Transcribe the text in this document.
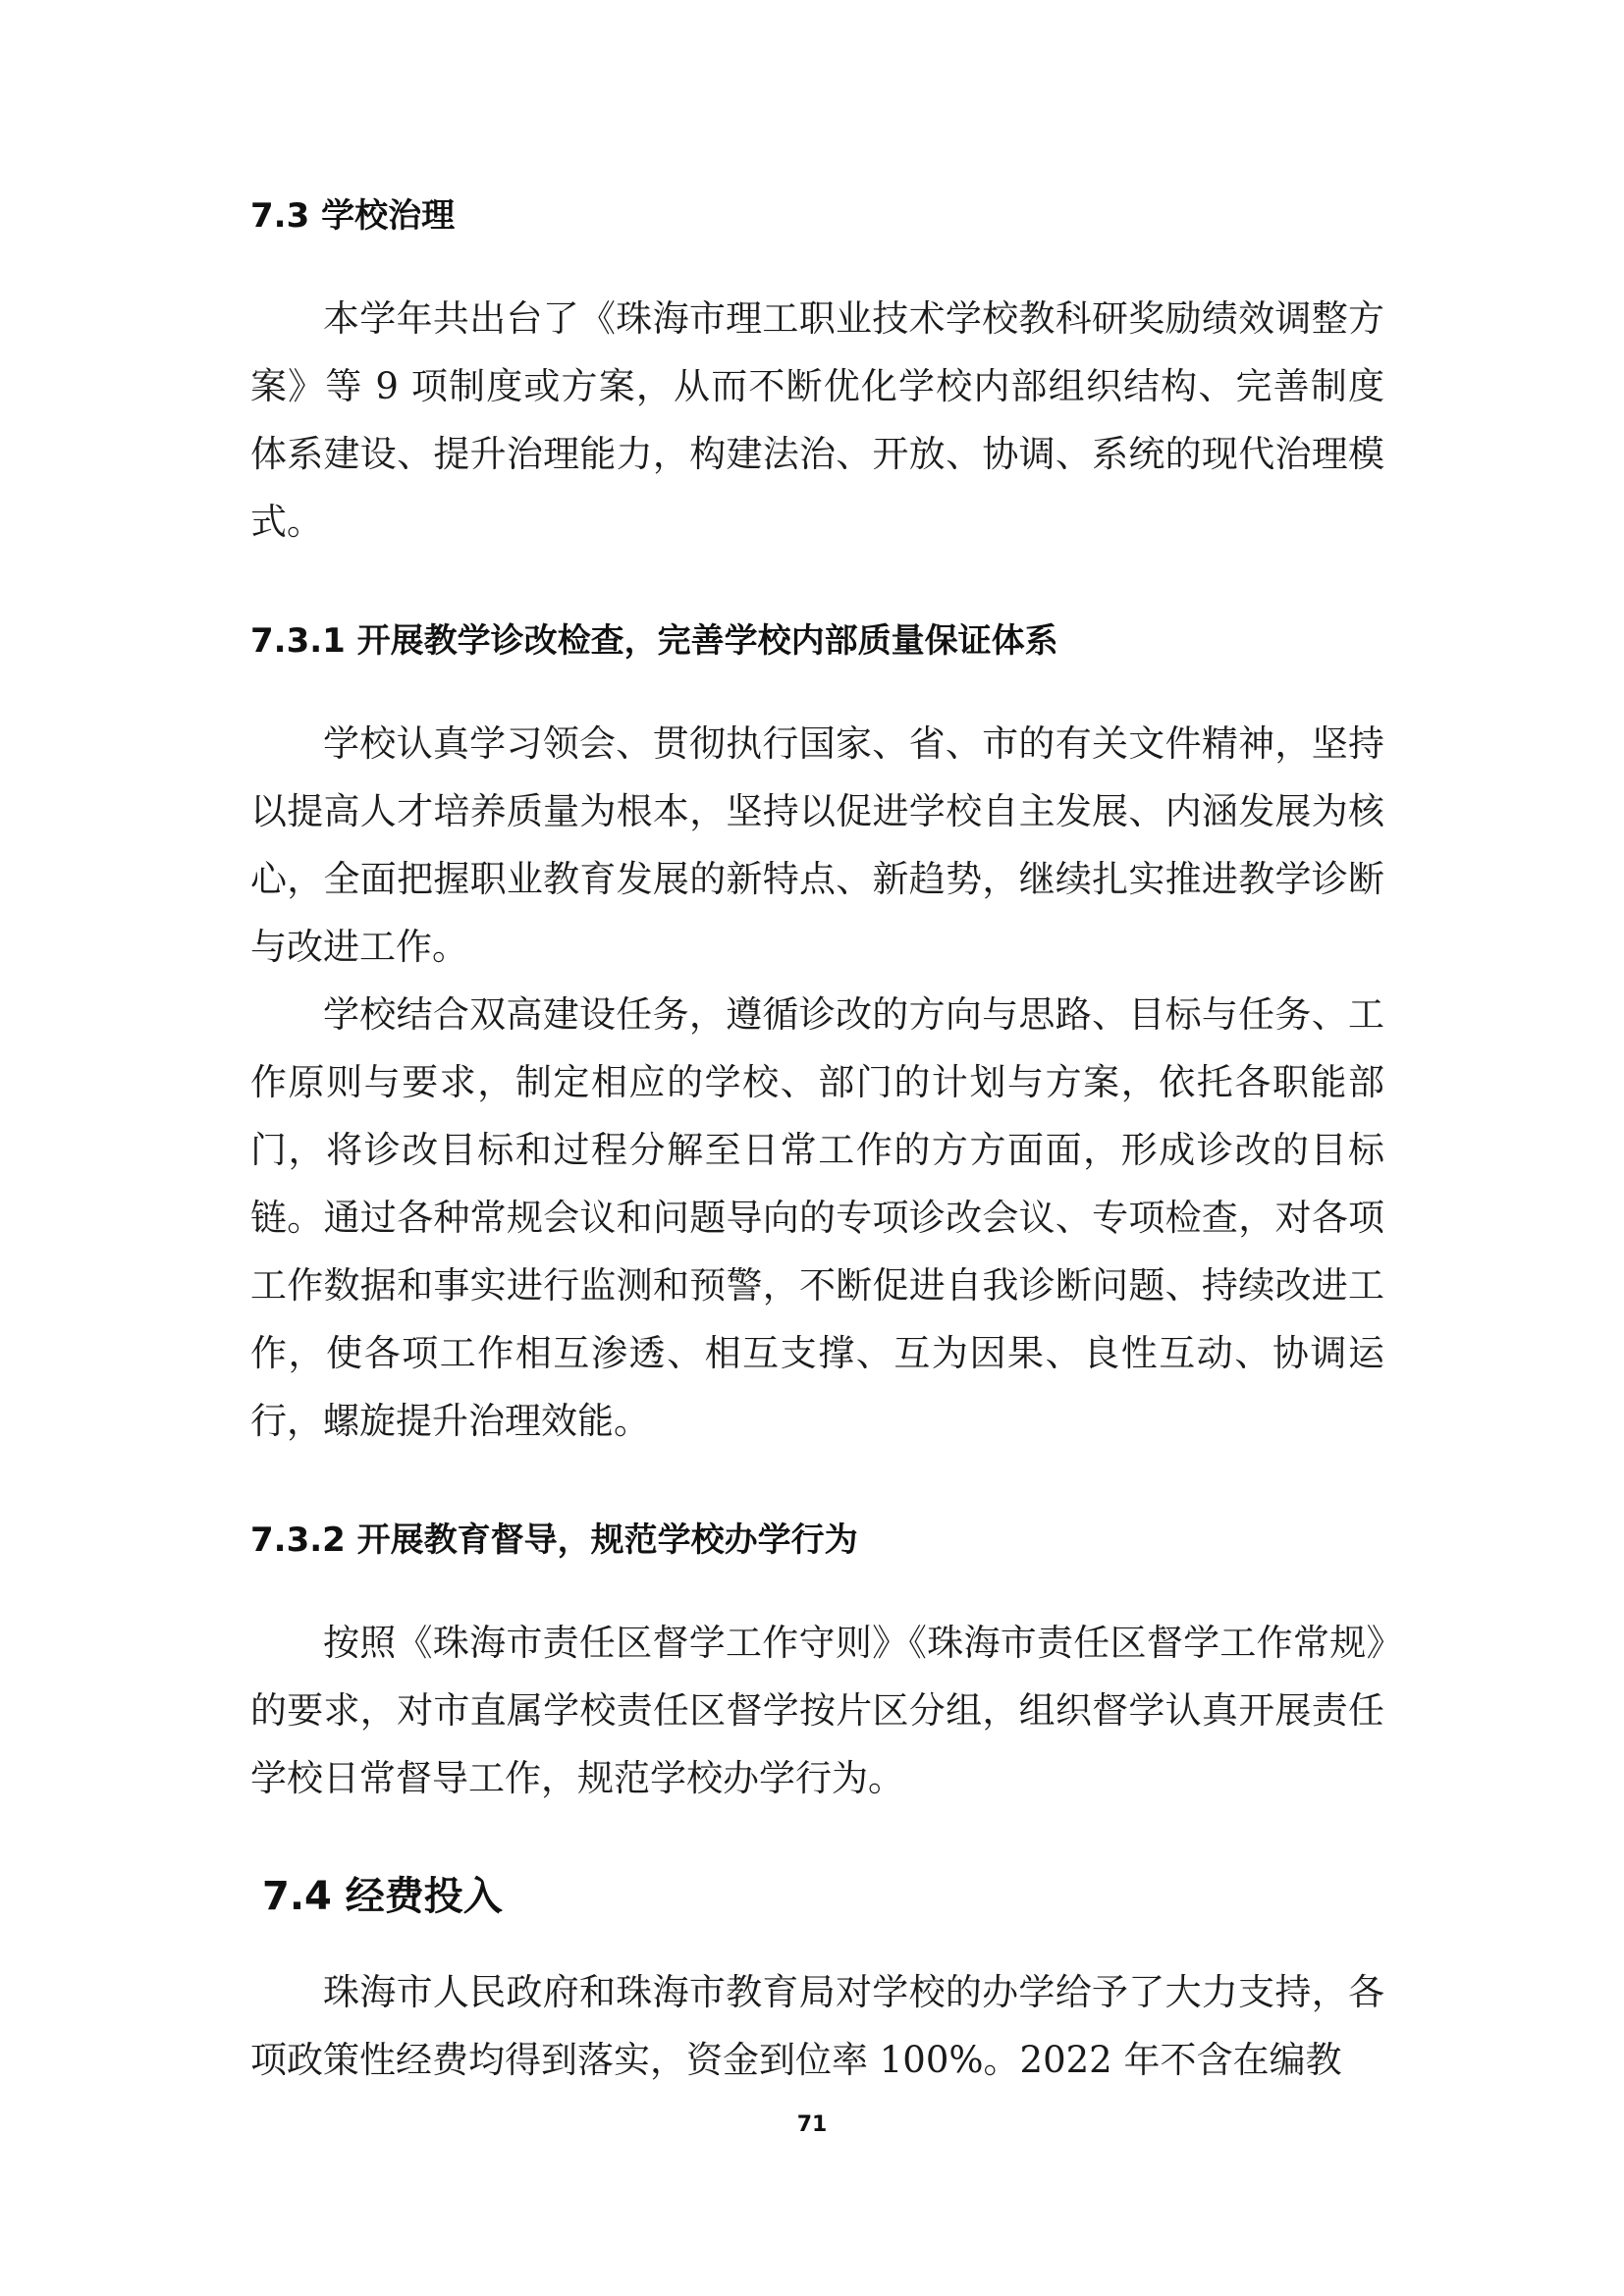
7.3 学校治理

本学年共出台了《珠海市理工职业技术学校教科研奖励绩效调整方案》等 9 项制度或方案，从而不断优化学校内部组织结构、完善制度体系建设、提升治理能力，构建法治、开放、协调、系统的现代治理模式。

7.3.1 开展教学诊改检查，完善学校内部质量保证体系

学校认真学习领会、贯彻执行国家、省、市的有关文件精神，坚持以提高人才培养质量为根本，坚持以促进学校自主发展、内涵发展为核心，全面把握职业教育发展的新特点、新趋势，继续扎实推进教学诊断与改进工作。

学校结合双高建设任务，遵循诊改的方向与思路、目标与任务、工作原则与要求，制定相应的学校、部门的计划与方案，依托各职能部门，将诊改目标和过程分解至日常工作的方方面面，形成诊改的目标链。通过各种常规会议和问题导向的专项诊改会议、专项检查，对各项工作数据和事实进行监测和预警，不断促进自我诊断问题、持续改进工作，使各项工作相互渗透、相互支撑、互为因果、良性互动、协调运行，螺旋提升治理效能。

7.3.2 开展教育督导，规范学校办学行为

按照《珠海市责任区督学工作守则》《珠海市责任区督学工作常规》的要求，对市直属学校责任区督学按片区分组，组织督学认真开展责任学校日常督导工作，规范学校办学行为。

7.4 经费投入

珠海市人民政府和珠海市教育局对学校的办学给予了大力支持，各项政策性经费均得到落实，资金到位率 100%。2022 年不含在编教

71
